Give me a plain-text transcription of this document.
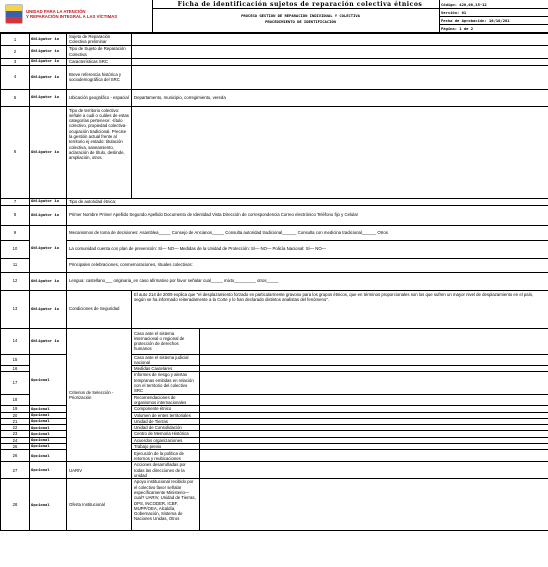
UNIDAD PARA LA ATENCIÓN
Y REPARACIÓN INTEGRAL A LAS VÍCTIMAS
Ficha de identificación sujetos de reparación colectiva étnicos
PROCESO GESTIÓN DE REPARACIÓN INDIVIDUAL Y COLECTIVA
PROCEDIMIENTO DE IDENTIFICACIÓN
Código: 420,08,15-12
Versión: 01
Fecha de Aprobación: 16/10/201
Página: 1 de 2
1	Obligator io	Sujeto de Reparación Colectiva preliminar		
2	Obligator io	Tipo de Sujeto de Reparación Colectiva		
3	Obligator io	Características SRC		
4	Obligator io	Breve referencia histórica y sociodemográfica del SRC		
5	Obligator io	Ubicación geográfico - espacial	Departamento, municipio, corregimiento, vereda	
6	Obligator io	Tipo de territorio colectivo: señale a cuál o cuáles de estas categorías pertenece: -título colectivo, propiedad colectiva- ocupación tradicional. Precise la gestión actual frente al territorio ej estado: titulación colectiva, saneamiento, aclaración de título, deslinde, ampliación, otros.		
7	Obligator io	Tipo de autoridad étnica:		
8	Obligator io	Primer Nombre Primer Apellido Segundo Apellido Documento de Identidad Vista Dirección de correspondencia Correo electrónico Teléfono fijo y Celular		
9	Obligator io	Mecanismos de toma de decisiones: Asamblea_____ Consejo de Ancianos_____ Consulta autoridad tradicional______ Consulta con medicina tradicional______ Otros		
10		La comunidad cuenta con plan de prevención: Sí— NO— Medidas de la Unidad de Protección: Sí— NO— Policía Nacional: Sí— NO—		
11		Principales celebraciones, conmemoraciones, rituales colectivos:		
12	Obligator io	Lengua: castellano___ originaria_en caso afirmativo por favor señalar cual_____ mixto_________ otros_____		
13	Obligator io	Condiciones de Seguridad	El auto 214 de 2009 explica que "el desplazamiento forzado es particularmente gravoso para los grupos étnicos, que en términos proporcionales son los que sufren un mayor nivel de desplazamiento en el país, según se ha informado reiteradamente a la Corte y lo han declarado distintos analistas del fenómeno".	
14	Obligator io	Criterios de Selección - Priorización	Caso ante el sistema internacional o regional de protección de derechos humanos	
15	Opcional		Caso ante el sistema judicial nacional	
16			Medidas Cautelares	
17			Informes de riesgo y alertas tempranas emitidas en relación con el territorio del colectivo SRC	
18			Recomendaciones de organismos internacionales	
19	Opcional		Componente étnico	
20	Opcional		Volumen de entes territoriales	
21	Opcional		Unidad de Tierras	
22	Opcional		Unidad de Consolidación	
23	Opcional		Centro de Memoria Histórica	
24	Opcional		Acuerdos organizaciones	
25	Opcional		Trabajo previo	
26	Opcional		Ejecución de la política de retornos y reubicaciones	
27	Opcional	UARIV	Acciones desarrolladas por todas las direcciones de la unidad	
28	Opcional	Oferta Institucional	Apoyo institucional recibido por el colectivo favor señalar específicamente Ministerio—cual? UARIV, Unidad de Tierras, DPS, INCODER, ICBF, MUPP/OEA, Alcaldía, Gobernación, Sistema de Naciones Unidas, Otros	
